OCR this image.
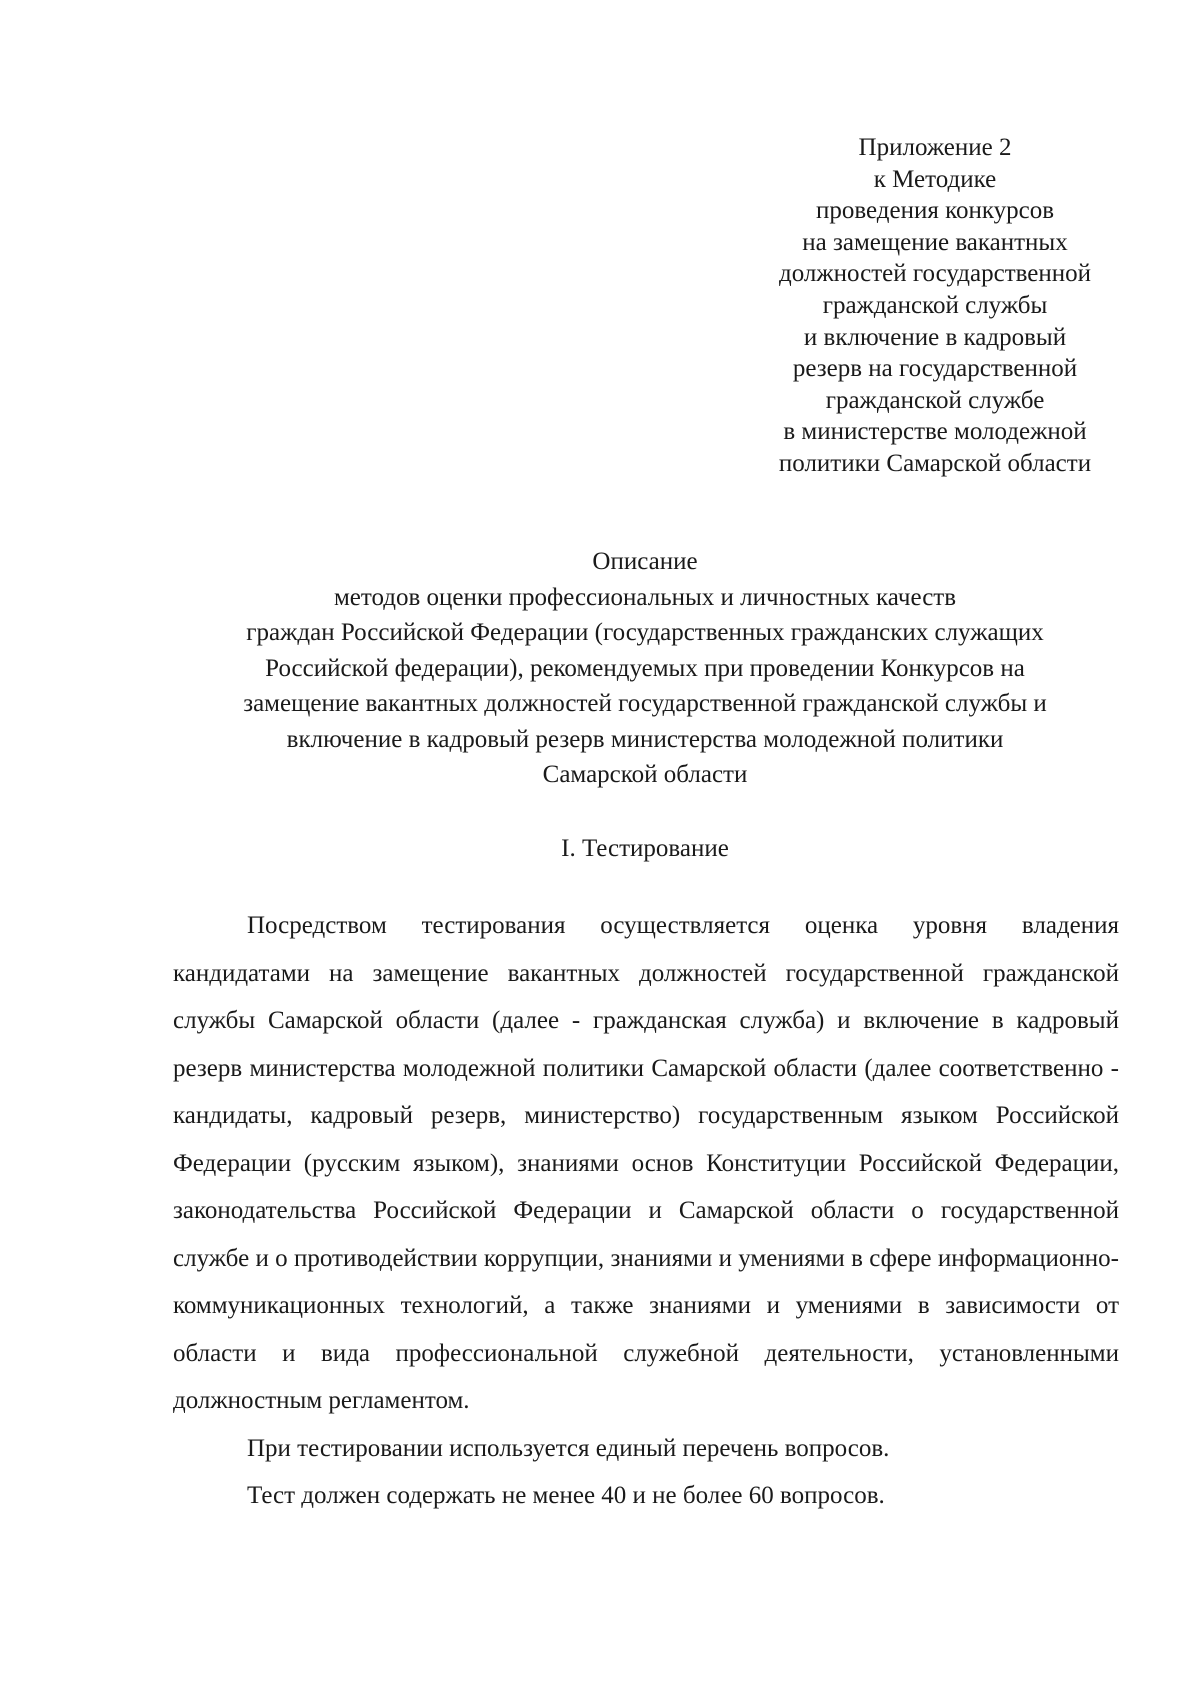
Приложение 2
к Методике
проведения конкурсов
на замещение вакантных
должностей государственной
гражданской службы
и включение в кадровый
резерв на государственной
гражданской службе
в министерстве молодежной
политики Самарской области
Описание
методов оценки профессиональных и личностных качеств
граждан Российской Федерации (государственных гражданских служащих
Российской федерации), рекомендуемых при проведении Конкурсов на
замещение вакантных должностей государственной гражданской службы и
включение в кадровый резерв министерства молодежной политики
Самарской области
I. Тестирование

Посредством тестирования осуществляется оценка уровня владения кандидатами на замещение вакантных должностей государственной гражданской службы Самарской области (далее - гражданская служба) и включение в кадровый резерв министерства молодежной политики Самарской области (далее соответственно - кандидаты, кадровый резерв, министерство) государственным языком Российской Федерации (русским языком), знаниями основ Конституции Российской Федерации, законодательства Российской Федерации и Самарской области о государственной службе и о противодействии коррупции, знаниями и умениями в сфере информационно-коммуникационных технологий, а также знаниями и умениями в зависимости от области и вида профессиональной служебной деятельности, установленными должностным регламентом.

При тестировании используется единый перечень вопросов.

Тест должен содержать не менее 40 и не более 60 вопросов.
